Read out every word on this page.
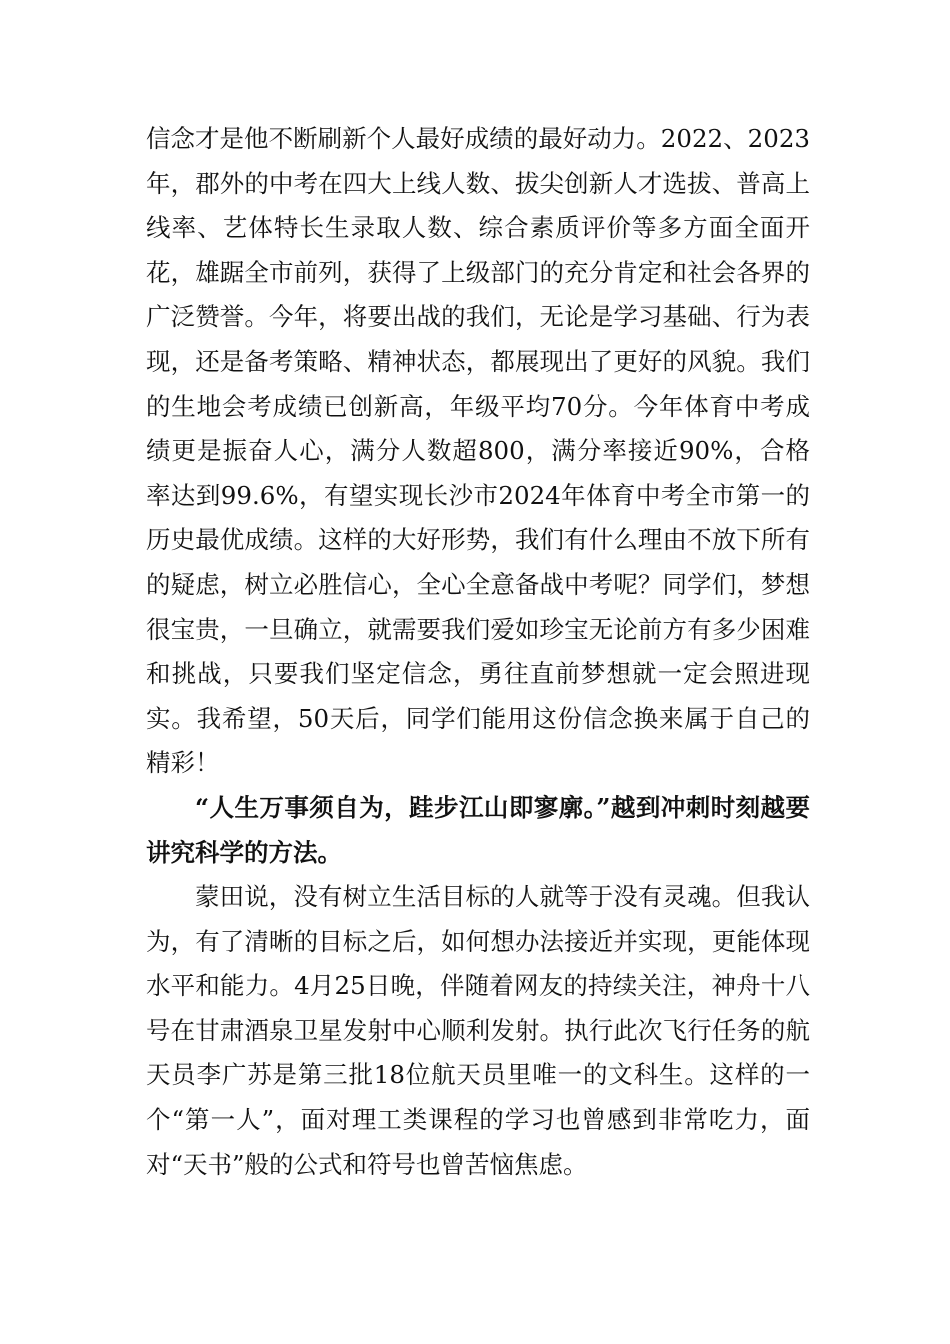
信念才是他不断刷新个人最好成绩的最好动力。2022、2023年，郡外的中考在四大上线人数、拔尖创新人才选拔、普高上线率、艺体特长生录取人数、综合素质评价等多方面全面开花，雄踞全市前列，获得了上级部门的充分肯定和社会各界的广泛赞誉。今年，将要出战的我们，无论是学习基础、行为表现，还是备考策略、精神状态，都展现出了更好的风貌。我们的生地会考成绩已创新高，年级平均70分。今年体育中考成绩更是振奋人心，满分人数超800，满分率接近90%，合格率达到99.6%，有望实现长沙市2024年体育中考全市第一的历史最优成绩。这样的大好形势，我们有什么理由不放下所有的疑虑，树立必胜信心，全心全意备战中考呢？同学们，梦想很宝贵，一旦确立，就需要我们爱如珍宝无论前方有多少困难和挑战，只要我们坚定信念，勇往直前梦想就一定会照进现实。我希望，50天后，同学们能用这份信念换来属于自己的精彩！

“人生万事须自为，跬步江山即寥廓。”越到冲刺时刻越要讲究科学的方法。

蒙田说，没有树立生活目标的人就等于没有灵魂。但我认为，有了清晰的目标之后，如何想办法接近并实现，更能体现水平和能力。4月25日晚，伴随着网友的持续关注，神舟十八号在甘肃酒泉卫星发射中心顺利发射。执行此次飞行任务的航天员李广苏是第三批18位航天员里唯一的文科生。这样的一个“第一人”，面对理工类课程的学习也曾感到非常吃力，面对“天书”般的公式和符号也曾苦恼焦虑。
